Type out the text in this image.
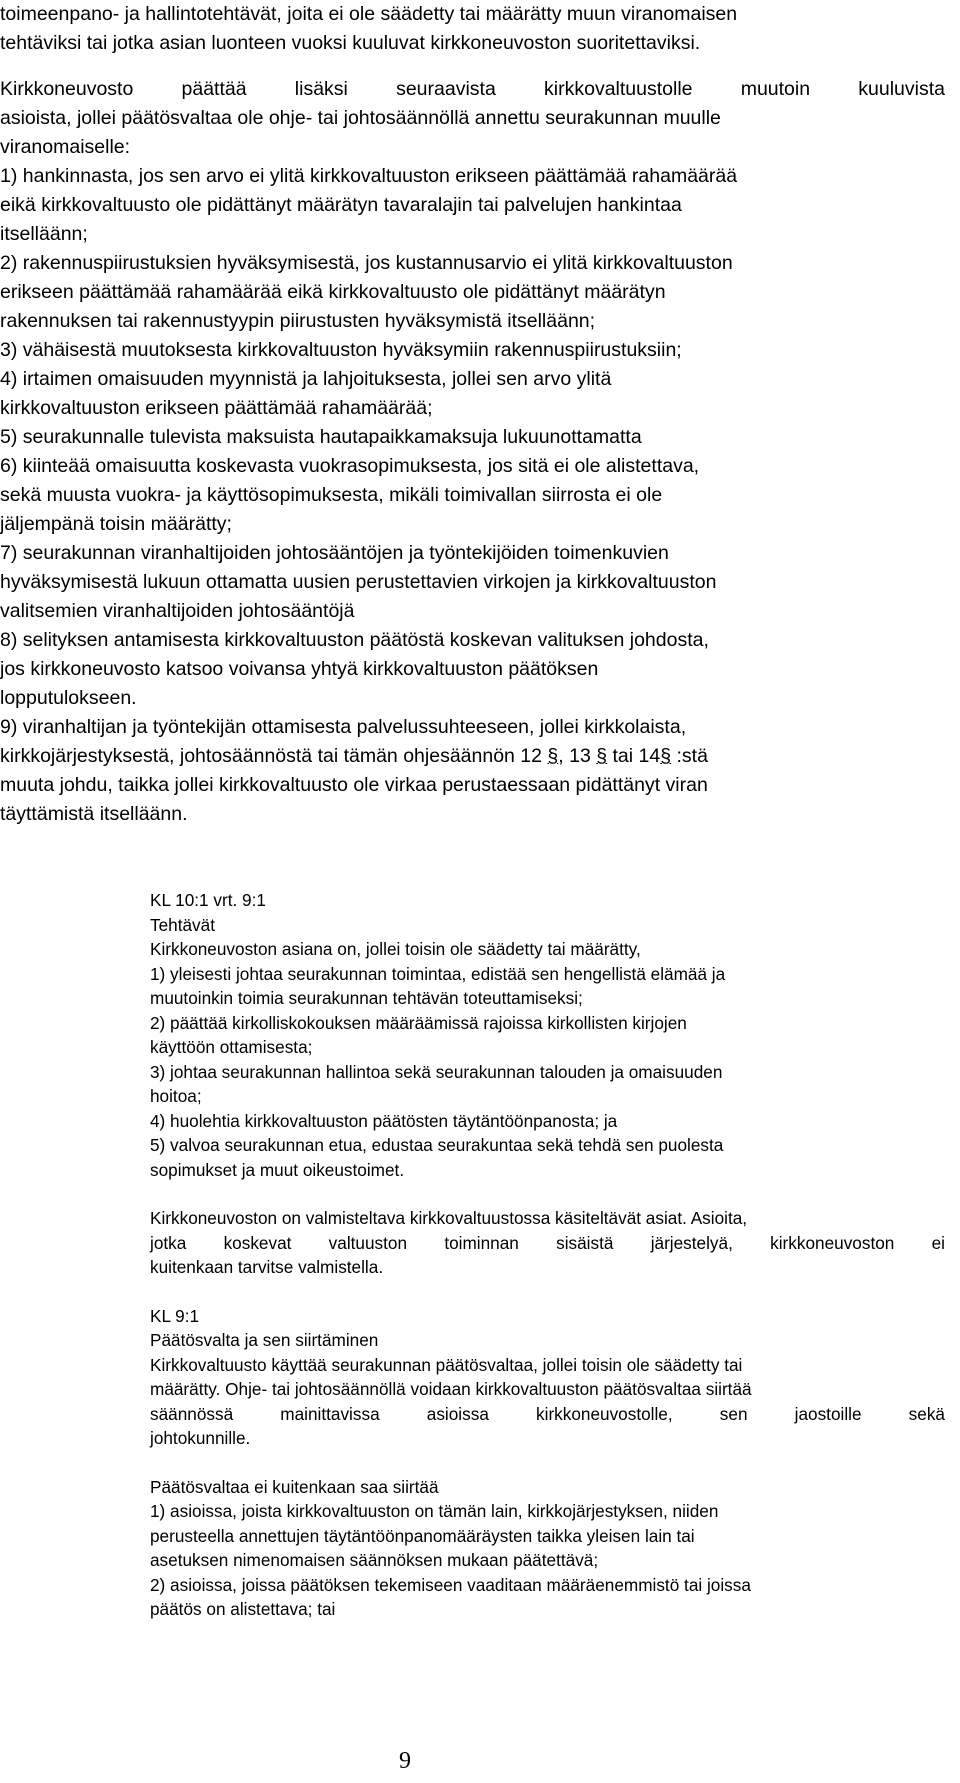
toimeenpano- ja hallintotehtävät, joita ei ole säädetty tai määrätty muun viranomaisen
tehtäviksi tai jotka asian luonteen vuoksi kuuluvat kirkkoneuvoston suoritettaviksi.

Kirkkoneuvosto päättää lisäksi seuraavista kirkkovaltuustolle muutoin kuuluvista
asioista, jollei päätösvaltaa ole ohje- tai johtosäännöllä annettu seurakunnan muulle
viranomaiselle:
1) hankinnasta, jos sen arvo ei ylitä kirkkovaltuuston erikseen päättämää rahamäärää
eikä kirkkovaltuusto ole pidättänyt määrätyn tavaralajin tai palvelujen hankintaa
itselläänn;
2) rakennuspiirustuksien hyväksymisestä, jos kustannusarvio ei ylitä kirkkovaltuuston
erikseen päättämää rahamäärää eikä kirkkovaltuusto ole pidättänyt määrätyn
rakennuksen tai rakennustyypin piirustusten hyväksymistä itselläänn;
3) vähäisestä muutoksesta kirkkovaltuuston hyväksymiin rakennuspiirustuksiin;
4) irtaimen omaisuuden myynnistä ja lahjoituksesta, jollei sen arvo ylitä
kirkkovaltuuston erikseen päättämää rahamäärää;
5) seurakunnalle tulevista maksuista hautapaikkamaksuja lukuunottamatta
6) kiinteää omaisuutta koskevasta vuokrasopimuksesta, jos sitä ei ole alistettava,
sekä muusta vuokra- ja käyttösopimuksesta, mikäli toimivallan siirrosta ei ole
jäljempänä toisin määrätty;
7) seurakunnan viranhaltijoiden johtosääntöjen ja työntekijöiden toimenkuvien
hyväksymisestä lukuun ottamatta uusien perustettavien virkojen ja kirkkovaltuuston
valitsemien viranhaltijoiden johtosääntöjä
8) selityksen antamisesta kirkkovaltuuston päätöstä koskevan valituksen johdosta,
jos kirkkoneuvosto katsoo voivansa yhtyä kirkkovaltuuston päätöksen
lopputulokseen.
9) viranhaltijan ja työntekijän ottamisesta palvelussuhteeseen, jollei kirkkolaista,
kirkkojärjestyksestä, johtosäännöstä tai tämän ohjesäännön 12 §, 13 § tai 14§ :stä
muuta johdu, taikka jollei kirkkovaltuusto ole virkaa perustaessaan pidättänyt viran
täyttämistä itselläänn.

KL 10:1 vrt. 9:1
Tehtävät
Kirkkoneuvoston asiana on, jollei toisin ole säädetty tai määrätty,
1) yleisesti johtaa seurakunnan toimintaa, edistää sen hengellistä elämää ja
muutoinkin toimia seurakunnan tehtävän toteuttamiseksi;
2) päättää kirkolliskokouksen määräämissä rajoissa kirkollisten kirjojen
käyttöön ottamisesta;
3) johtaa seurakunnan hallintoa sekä seurakunnan talouden ja omaisuuden
hoitoa;
4) huolehtia kirkkovaltuuston päätösten täytäntöönpanosta; ja
5) valvoa seurakunnan etua, edustaa seurakuntaa sekä tehdä sen puolesta
sopimukset ja muut oikeustoimet.
Kirkkoneuvoston on valmisteltava kirkkovaltuustossa käsiteltävät asiat. Asioita,
jotka koskevat valtuuston toiminnan sisäistä järjestelyä, kirkkoneuvoston ei
kuitenkaan tarvitse valmistella.
KL 9:1
Päätösvalta ja sen siirtäminen
Kirkkovaltuusto käyttää seurakunnan päätösvaltaa, jollei toisin ole säädetty tai
määrätty. Ohje- tai johtosäännöllä voidaan kirkkovaltuuston päätösvaltaa siirtää
säännössä mainittavissa asioissa kirkkoneuvostolle, sen jaostoille sekä
johtokunnille.
Päätösvaltaa ei kuitenkaan saa siirtää
1) asioissa, joista kirkkovaltuuston on tämän lain, kirkkojärjestyksen, niiden
perusteella annettujen täytäntöönpanomääräysten taikka yleisen lain tai
asetuksen nimenomaisen säännöksen mukaan päätettävä;
2) asioissa, joissa päätöksen tekemiseen vaaditaan määräenemmistö tai joissa
päätös on alistettava; tai
9
